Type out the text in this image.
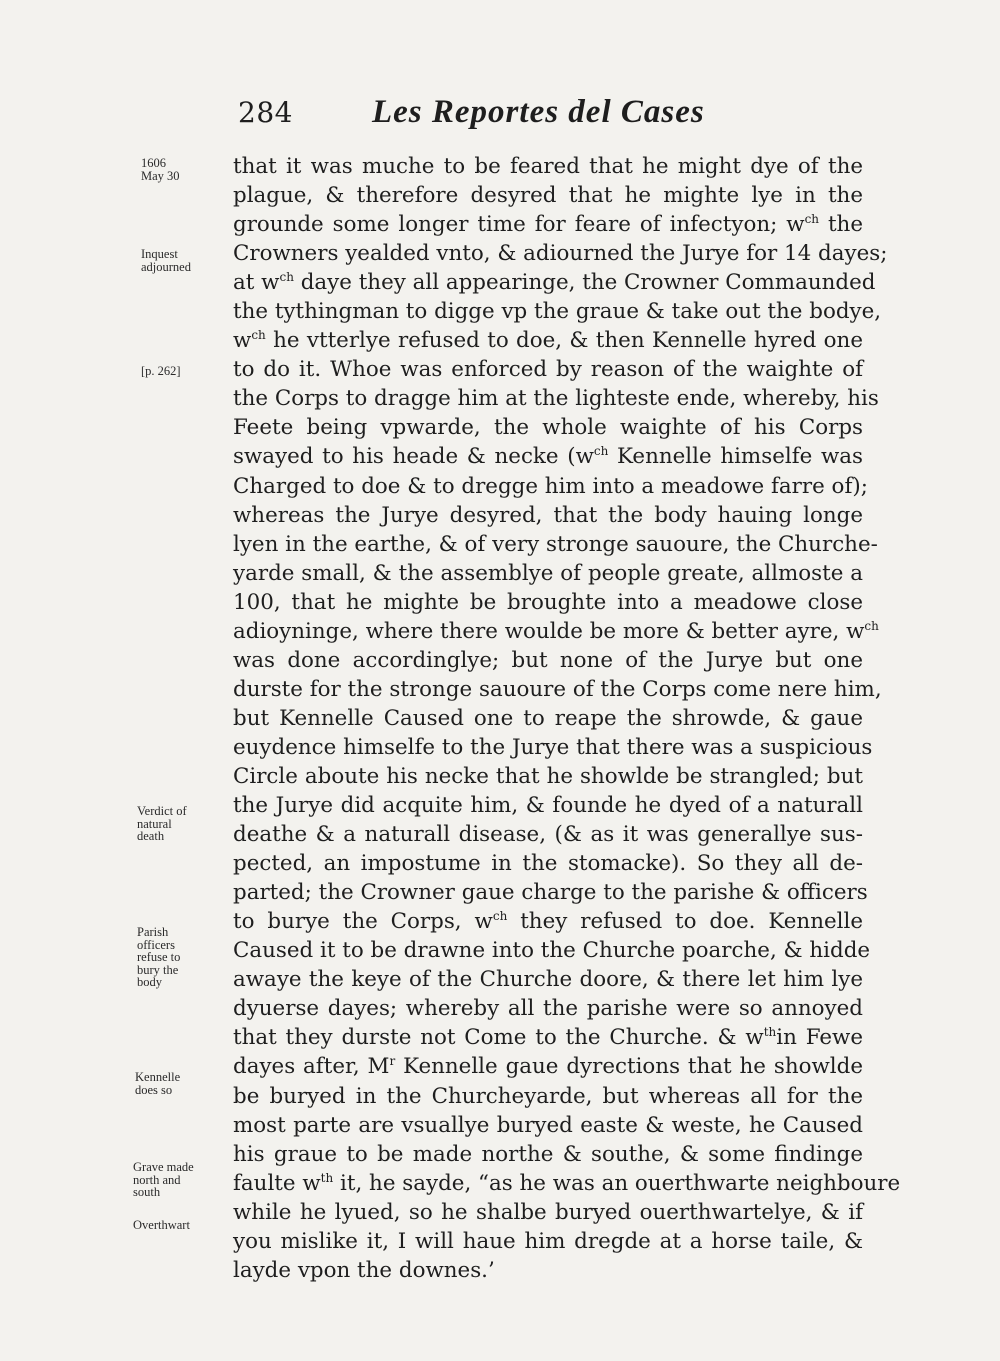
284 Les Reportes del Cases
1606
May 30
Inquest
adjourned
[p. 262]
Verdict of
natural
death
Parish
officers
refuse to
bury the
body
Kennelle
does so
Grave made
north and
south
Overthwart
that it was muche to be feared that he might dye of the
plague, & therefore desyred that he mighte lye in the
grounde some longer time for feare of infectyon; w$^{ch}$ the
Crowners yealded vnto, & adiourned the Jurye for 14 dayes;
at w$^{ch}$ daye they all appearinge, the Crowner Commaunded
the tythingman to digge vp the graue & take out the bodye,
w$^{ch}$ he vtterlye refused to doe, & then Kennelle hyred one
to do it. Whoe was enforced by reason of the waighte of
the Corps to dragge him at the lighteste ende, whereby, his
Feete being vpwarde, the whole waighte of his Corps
swayed to his heade & necke (w$^{ch}$ Kennelle himselfe was
Charged to doe & to dregge him into a meadowe farre of);
whereas the Jurye desyred, that the body hauing longe
lyen in the earthe, & of very stronge sauoure, the Churche-
yarde small, & the assemblye of people greate, allmoste a
100, that he mighte be broughte into a meadowe close
adioyninge, where there woulde be more & better ayre, w$^{ch}$
was done accordinglye; but none of the Jurye but one
durste for the stronge sauoure of the Corps come nere him,
but Kennelle Caused one to reape the shrowde, & gaue
euydence himselfe to the Jurye that there was a suspicious
Circle aboute his necke that he showlde be strangled; but
the Jurye did acquite him, & founde he dyed of a naturall
deathe & a naturall disease, (& as it was generallye sus-
pected, an impostume in the stomacke). So they all de-
parted; the Crowner gaue charge to the parishe & officers
to burye the Corps, w$^{ch}$ they refused to doe. Kennelle
Caused it to be drawne into the Churche poarche, & hidde
awaye the keye of the Churche doore, & there let him lye
dyuerse dayes; whereby all the parishe were so annoyed
that they durste not Come to the Churche. & w$^{th}$in Fewe
dayes after, M$^r$ Kennelle gaue dyrections that he showlde
be buryed in the Churcheyarde, but whereas all for the
most parte are vsuallye buryed easte & weste, he Caused
his graue to be made northe & southe, & some findinge
faulte w$^{th}$ it, he sayde, “as he was an ouerthwarte neighboure
while he lyued, so he shalbe buryed ouerthwartelye, & if
you mislike it, I will haue him dregde at a horse taile, &
layde vpon the downes.’
